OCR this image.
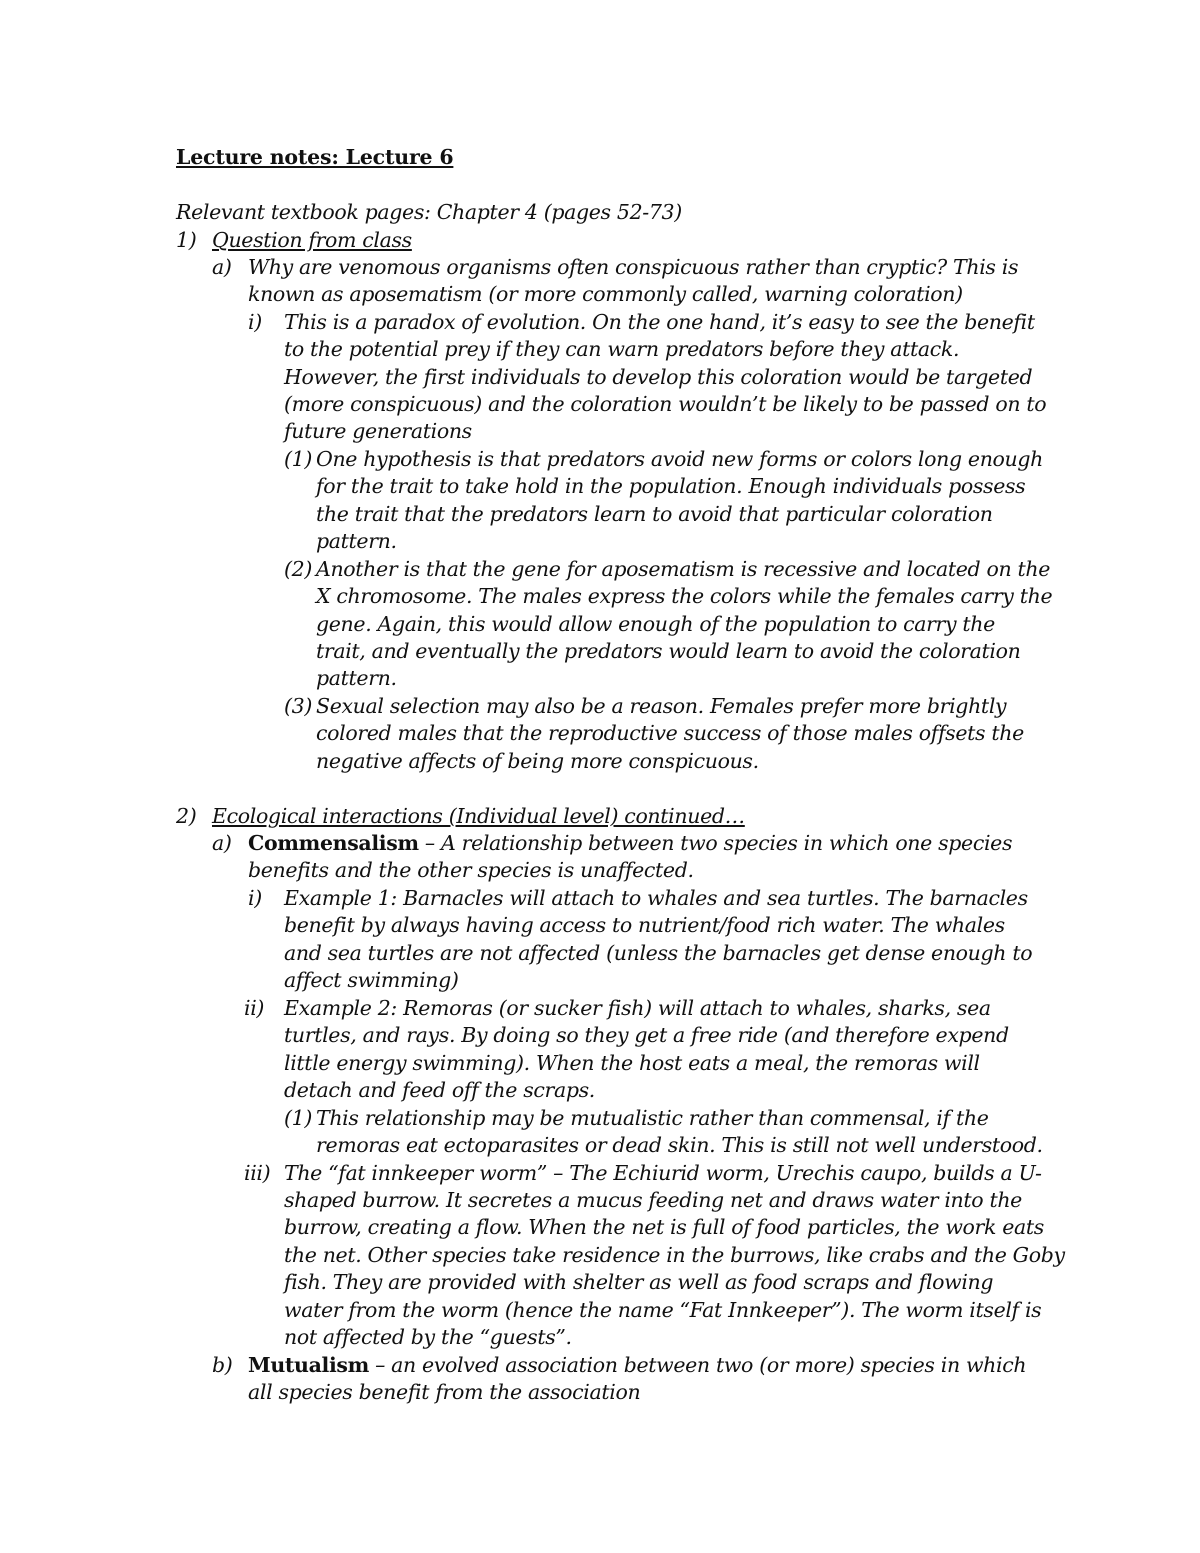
Lecture notes: Lecture 6
Relevant textbook pages: Chapter 4 (pages 52-73)
1) Question from class
a) Why are venomous organisms often conspicuous rather than cryptic? This is
known as aposematism (or more commonly called, warning coloration)
i) This is a paradox of evolution. On the one hand, it’s easy to see the benefit
to the potential prey if they can warn predators before they attack.
However, the first individuals to develop this coloration would be targeted
(more conspicuous) and the coloration wouldn’t be likely to be passed on to
future generations
(1) One hypothesis is that predators avoid new forms or colors long enough
for the trait to take hold in the population. Enough individuals possess
the trait that the predators learn to avoid that particular coloration
pattern.
(2) Another is that the gene for aposematism is recessive and located on the
X chromosome. The males express the colors while the females carry the
gene. Again, this would allow enough of the population to carry the
trait, and eventually the predators would learn to avoid the coloration
pattern.
(3) Sexual selection may also be a reason. Females prefer more brightly
colored males that the reproductive success of those males offsets the
negative affects of being more conspicuous.
2) Ecological interactions (Individual level) continued…
a) Commensalism – A relationship between two species in which one species
benefits and the other species is unaffected.
i) Example 1: Barnacles will attach to whales and sea turtles. The barnacles
benefit by always having access to nutrient/food rich water. The whales
and sea turtles are not affected (unless the barnacles get dense enough to
affect swimming)
ii) Example 2: Remoras (or sucker fish) will attach to whales, sharks, sea
turtles, and rays. By doing so they get a free ride (and therefore expend
little energy swimming). When the host eats a meal, the remoras will
detach and feed off the scraps.
(1) This relationship may be mutualistic rather than commensal, if the
remoras eat ectoparasites or dead skin. This is still not well understood.
iii) The “fat innkeeper worm” – The Echiurid worm, Urechis caupo, builds a U-
shaped burrow. It secretes a mucus feeding net and draws water into the
burrow, creating a flow. When the net is full of food particles, the work eats
the net. Other species take residence in the burrows, like crabs and the Goby
fish. They are provided with shelter as well as food scraps and flowing
water from the worm (hence the name “Fat Innkeeper”). The worm itself is
not affected by the “guests”.
b) Mutualism – an evolved association between two (or more) species in which
all species benefit from the association
